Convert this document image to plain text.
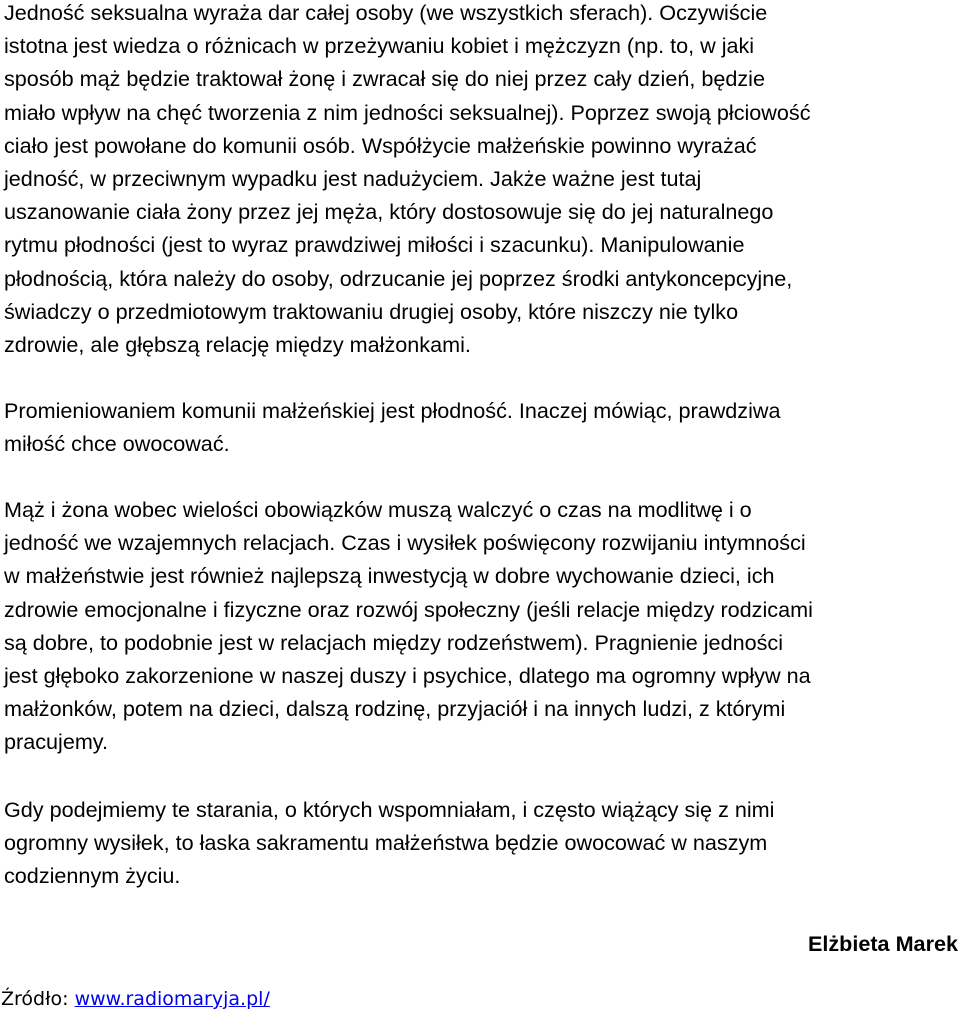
Jedność seksualna wyraża dar całej osoby (we wszystkich sferach). Oczywiście
istotna jest wiedza o różnicach w przeżywaniu kobiet i mężczyzn (np. to, w jaki
sposób mąż będzie traktował żonę i zwracał się do niej przez cały dzień, będzie
miało wpływ na chęć tworzenia z nim jedności seksualnej). Poprzez swoją płciowość
ciało jest powołane do komunii osób. Współżycie małżeńskie powinno wyrażać
jedność, w przeciwnym wypadku jest nadużyciem. Jakże ważne jest tutaj
uszanowanie ciała żony przez jej męża, który dostosowuje się do jej naturalnego
rytmu płodności (jest to wyraz prawdziwej miłości i szacunku). Manipulowanie
płodnością, która należy do osoby, odrzucanie jej poprzez środki antykoncepcyjne,
świadczy o przedmiotowym traktowaniu drugiej osoby, które niszczy nie tylko
zdrowie, ale głębszą relację między małżonkami.

Promieniowaniem komunii małżeńskiej jest płodność. Inaczej mówiąc, prawdziwa
miłość chce owocować.

Mąż i żona wobec wielości obowiązków muszą walczyć o czas na modlitwę i o
jedność we wzajemnych relacjach. Czas i wysiłek poświęcony rozwijaniu intymności
w małżeństwie jest również najlepszą inwestycją w dobre wychowanie dzieci, ich
zdrowie emocjonalne i fizyczne oraz rozwój społeczny (jeśli relacje między rodzicami
są dobre, to podobnie jest w relacjach między rodzeństwem). Pragnienie jedności
jest głęboko zakorzenione w naszej duszy i psychice, dlatego ma ogromny wpływ na
małżonków, potem na dzieci, dalszą rodzinę, przyjaciół i na innych ludzi, z którymi
pracujemy.

Gdy podejmiemy te starania, o których wspomniałam, i często wiążący się z nimi
ogromny wysiłek, to łaska sakramentu małżeństwa będzie owocować w naszym
codziennym życiu.

Elżbieta Marek
Źródło: www.radiomaryja.pl/
